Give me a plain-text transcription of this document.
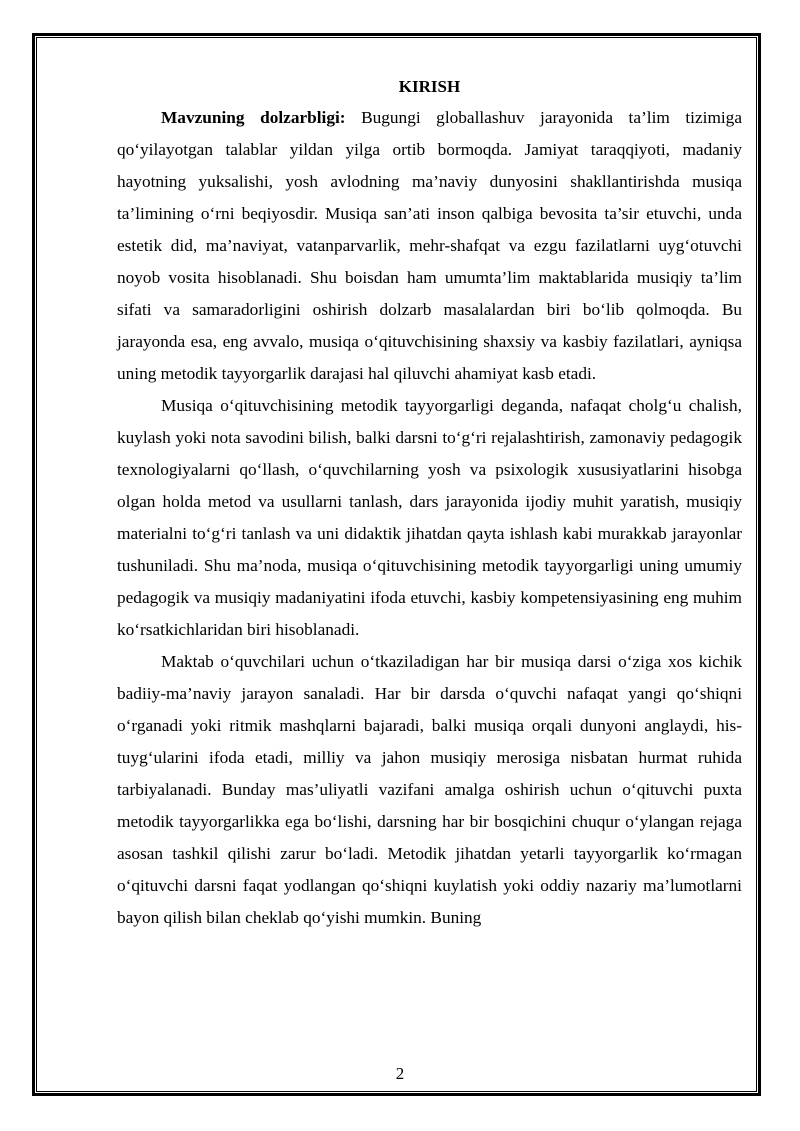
KIRISH

Mavzuning dolzarbligi: Bugungi globallashuv jarayonida ta’lim tizimiga qo‘yilayotgan talablar yildan yilga ortib bormoqda. Jamiyat taraqqiyoti, madaniy hayotning yuksalishi, yosh avlodning ma’naviy dunyosini shakllantirishda musiqa ta’limining o‘rni beqiyosdir. Musiqa san’ati inson qalbiga bevosita ta’sir etuvchi, unda estetik did, ma’naviyat, vatanparvarlik, mehr-shafqat va ezgu fazilatlarni uyg‘otuvchi noyob vosita hisoblanadi. Shu boisdan ham umumta’lim maktablarida musiqiy ta’lim sifati va samaradorligini oshirish dolzarb masalalardan biri bo‘lib qolmoqda. Bu jarayonda esa, eng avvalo, musiqa o‘qituvchisining shaxsiy va kasbiy fazilatlari, ayniqsa uning metodik tayyorgarlik darajasi hal qiluvchi ahamiyat kasb etadi.

Musiqa o‘qituvchisining metodik tayyorgarligi deganda, nafaqat cholg‘u chalish, kuylash yoki nota savodini bilish, balki darsni to‘g‘ri rejalashtirish, zamonaviy pedagogik texnologiyalarni qo‘llash, o‘quvchilarning yosh va psixologik xususiyatlarini hisobga olgan holda metod va usullarni tanlash, dars jarayonida ijodiy muhit yaratish, musiqiy materialni to‘g‘ri tanlash va uni didaktik jihatdan qayta ishlash kabi murakkab jarayonlar tushuniladi. Shu ma’noda, musiqa o‘qituvchisining metodik tayyorgarligi uning umumiy pedagogik va musiqiy madaniyatini ifoda etuvchi, kasbiy kompetensiyasining eng muhim ko‘rsatkichlaridan biri hisoblanadi.

Maktab o‘quvchilari uchun o‘tkaziladigan har bir musiqa darsi o‘ziga xos kichik badiiy-ma’naviy jarayon sanaladi. Har bir darsda o‘quvchi nafaqat yangi qo‘shiqni o‘rganadi yoki ritmik mashqlarni bajaradi, balki musiqa orqali dunyoni anglaydi, his-tuyg‘ularini ifoda etadi, milliy va jahon musiqiy merosiga nisbatan hurmat ruhida tarbiyalanadi. Bunday mas’uliyatli vazifani amalga oshirish uchun o‘qituvchi puxta metodik tayyorgarlikka ega bo‘lishi, darsning har bir bosqichini chuqur o‘ylangan rejaga asosan tashkil qilishi zarur bo‘ladi. Metodik jihatdan yetarli tayyorgarlik ko‘rmagan o‘qituvchi darsni faqat yodlangan qo‘shiqni kuylatish yoki oddiy nazariy ma’lumotlarni bayon qilish bilan cheklab qo‘yishi mumkin. Buning

2
